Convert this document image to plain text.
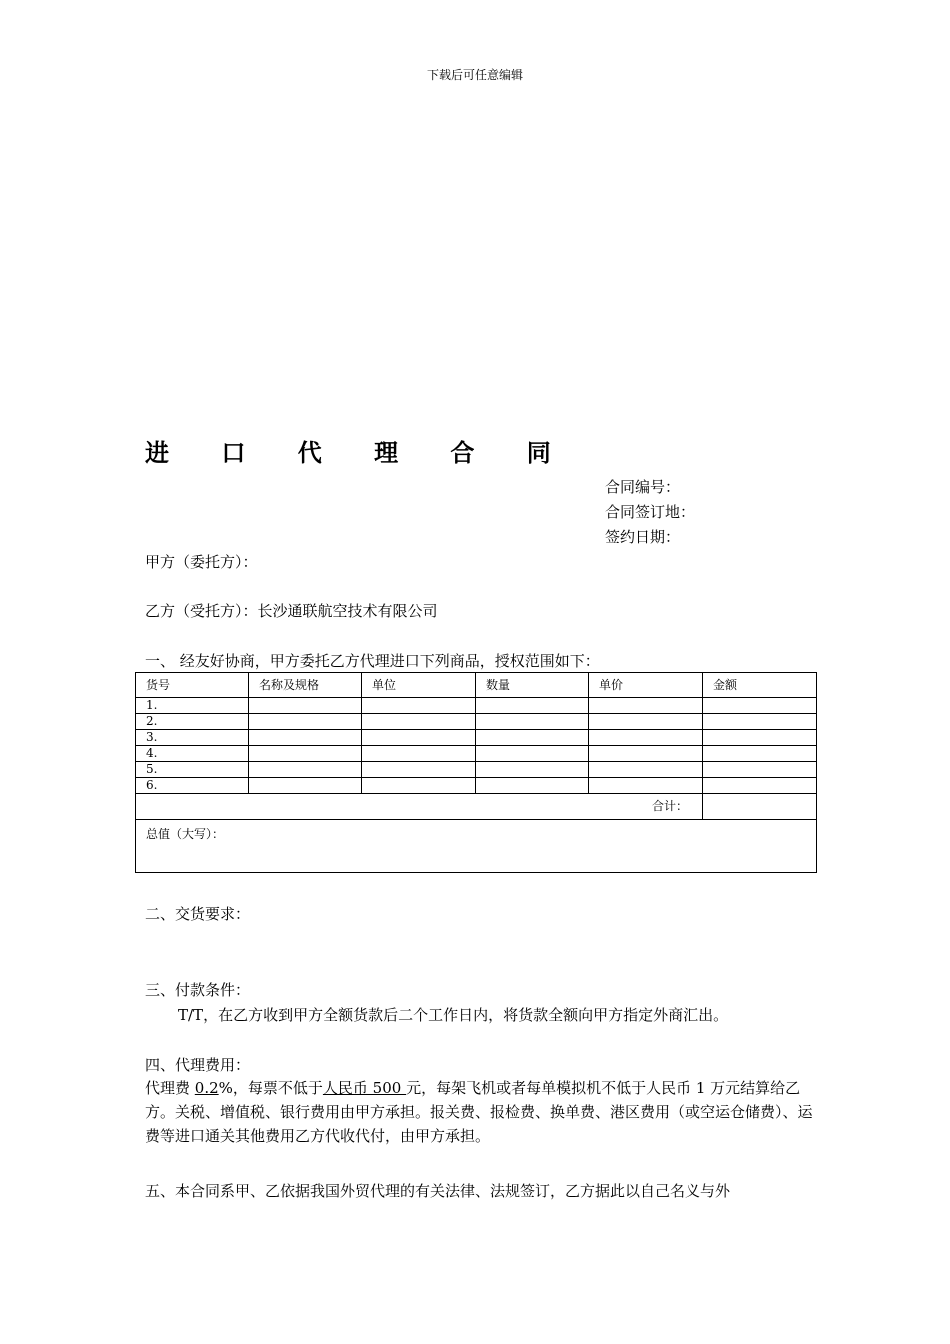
下载后可任意编辑
进 口 代 理 合 同
合同编号：
合同签订地：
签约日期：
甲方（委托方）：
乙方（受托方）：长沙通联航空技术有限公司
一、 经友好协商，甲方委托乙方代理进口下列商品，授权范围如下：
货号	名称及规格	单位	数量	单价	金额
1.					
2.					
3.					
4.					
5.					
6.					
合计：					
总值（大写）：					
二、交货要求：
三、付款条件：
T/T，在乙方收到甲方全额货款后二个工作日内，将货款全额向甲方指定外商汇出。
四、代理费用：
代理费 0.2%，每票不低于人民币 500 元，每架飞机或者每单模拟机不低于人民币 1 万元结算给乙方。关税、增值税、银行费用由甲方承担。报关费、报检费、换单费、港区费用（或空运仓储费）、运费等进口通关其他费用乙方代收代付，由甲方承担。
五、本合同系甲、乙依据我国外贸代理的有关法律、法规签订，乙方据此以自己名义与外
